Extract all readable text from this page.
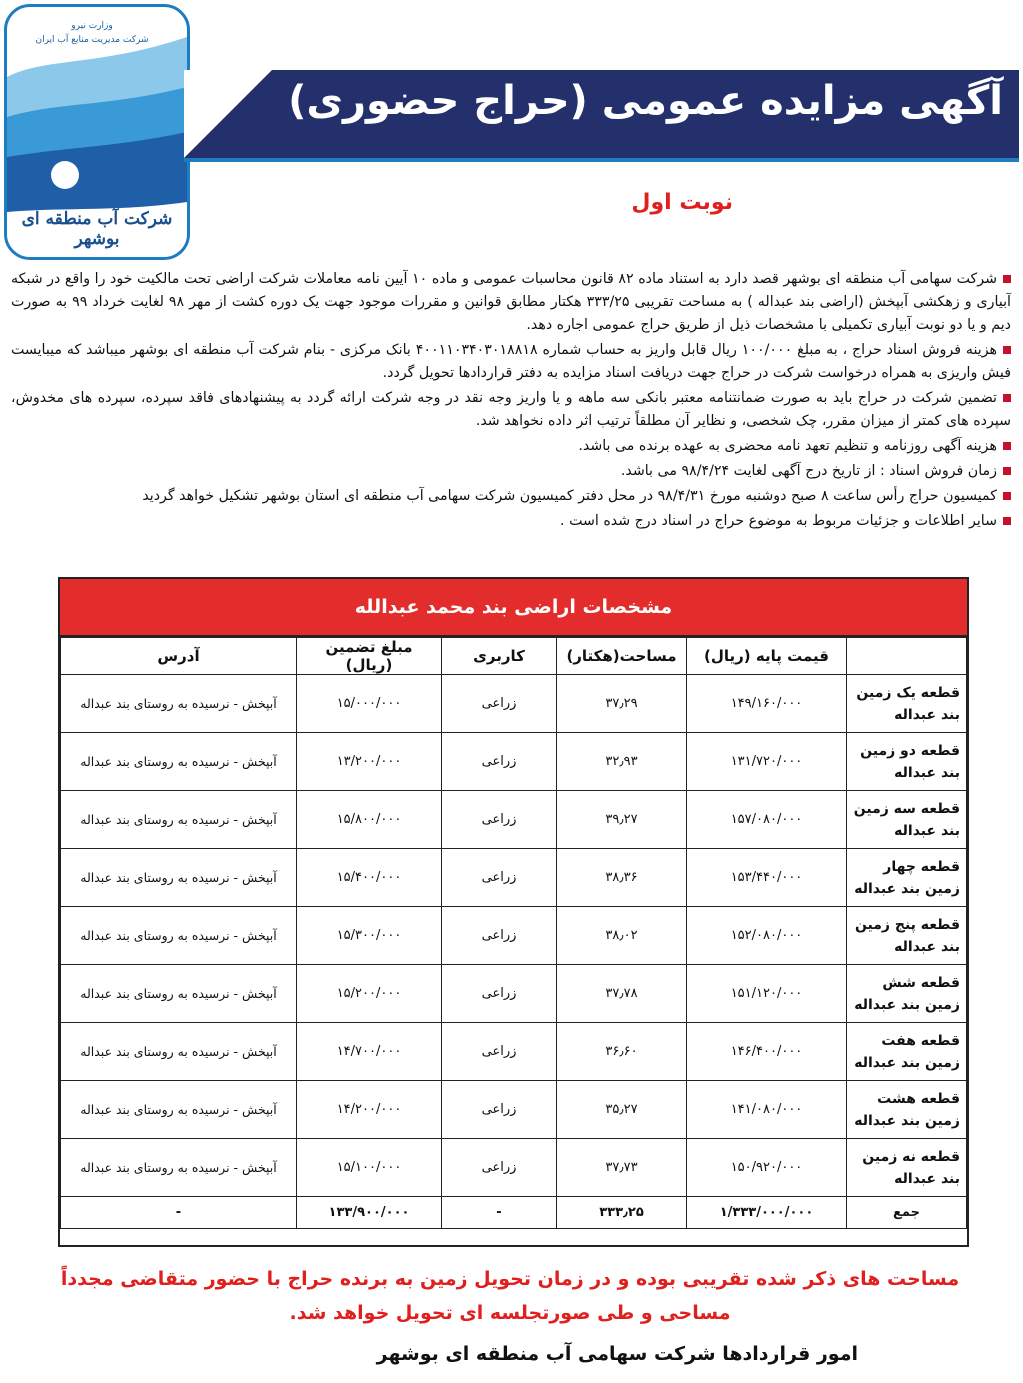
وزارت نیرو
شرکت مدیریت منابع آب ایران
شرکت آب منطقه ای بوشهر
آگهی مزایده عمومی (حراج حضوری)
نوبت اول
شرکت سهامی آب منطقه ای بوشهر قصد دارد به استناد ماده ۸۲ قانون محاسبات عمومی و ماده ۱۰ آیین نامه معاملات شرکت اراضی تحت مالکیت خود را واقع در شبکه آبیاری و زهکشی آبپخش (اراضی بند عبداله ) به مساحت تقریبی ۳۳۳/۲۵ هکتار مطابق قوانین و مقررات موجود جهت یک دوره کشت از مهر ۹۸ لغایت خرداد ۹۹ به صورت دیم و یا دو نوبت آبیاری تکمیلی با مشخصات ذیل از طریق حراج عمومی اجاره دهد.
هزینه فروش اسناد حراج ، به مبلغ ۱۰۰/۰۰۰ ریال قابل واریز به حساب شماره ۴۰۰۱۱۰۳۴۰۳۰۱۸۸۱۸ بانک مرکزی - بنام شرکت آب منطقه ای بوشهر میباشد که میبایست فیش واریزی به همراه درخواست شرکت در حراج جهت دریافت اسناد مزایده به دفتر قراردادها تحویل گردد.
تضمین شرکت در حراج باید به صورت ضمانتنامه معتبر بانکی سه ماهه و یا واریز وجه نقد در وجه شرکت ارائه گردد به پیشنهادهای فاقد سپرده، سپرده های مخدوش، سپرده های کمتر از میزان مقرر، چک شخصی، و نظایر آن مطلقاً ترتیب اثر داده نخواهد شد.
هزینه آگهی روزنامه و تنظیم تعهد نامه محضری به عهده برنده می باشد.
زمان فروش اسناد : از تاریخ درج آگهی لغایت ۹۸/۴/۲۴ می باشد.
کمیسیون حراج رأس ساعت ۸ صبح دوشنبه مورخ ۹۸/۴/۳۱ در محل دفتر کمیسیون شرکت سهامی آب منطقه ای استان بوشهر تشکیل خواهد گردید
سایر اطلاعات و جزئیات مربوط به موضوع حراج در اسناد درج شده است .
مشخصات اراضی بند محمد عبدالله
	قیمت پایه (ریال)	مساحت(هکتار)	کاربری	مبلغ تضمین (ریال)	آدرس
قطعه یک زمین بند عبداله	۱۴۹/۱۶۰/۰۰۰	۳۷٫۲۹	زراعی	۱۵/۰۰۰/۰۰۰	آبپخش - نرسیده به روستای بند عبداله
قطعه دو زمین بند عبداله	۱۳۱/۷۲۰/۰۰۰	۳۲٫۹۳	زراعی	۱۳/۲۰۰/۰۰۰	آبپخش - نرسیده به روستای بند عبداله
قطعه سه زمین بند عبداله	۱۵۷/۰۸۰/۰۰۰	۳۹٫۲۷	زراعی	۱۵/۸۰۰/۰۰۰	آبپخش - نرسیده به روستای بند عبداله
قطعه چهار زمین بند عبداله	۱۵۳/۴۴۰/۰۰۰	۳۸٫۳۶	زراعی	۱۵/۴۰۰/۰۰۰	آبپخش - نرسیده به روستای بند عبداله
قطعه پنج زمین بند عبداله	۱۵۲/۰۸۰/۰۰۰	۳۸٫۰۲	زراعی	۱۵/۳۰۰/۰۰۰	آبپخش - نرسیده به روستای بند عبداله
قطعه شش زمین بند عبداله	۱۵۱/۱۲۰/۰۰۰	۳۷٫۷۸	زراعی	۱۵/۲۰۰/۰۰۰	آبپخش - نرسیده به روستای بند عبداله
قطعه هفت زمین بند عبداله	۱۴۶/۴۰۰/۰۰۰	۳۶٫۶۰	زراعی	۱۴/۷۰۰/۰۰۰	آبپخش - نرسیده به روستای بند عبداله
قطعه هشت زمین بند عبداله	۱۴۱/۰۸۰/۰۰۰	۳۵٫۲۷	زراعی	۱۴/۲۰۰/۰۰۰	آبپخش - نرسیده به روستای بند عبداله
قطعه نه زمین بند عبداله	۱۵۰/۹۲۰/۰۰۰	۳۷٫۷۳	زراعی	۱۵/۱۰۰/۰۰۰	آبپخش - نرسیده به روستای بند عبداله
جمع	۱/۳۳۳/۰۰۰/۰۰۰	۳۳۳٫۲۵	-	۱۳۳/۹۰۰/۰۰۰	-
مساحت های ذکر شده تقریبی بوده و در زمان تحویل زمین به برنده حراج با حضور متقاضی مجدداً مساحی و طی صورتجلسه ای تحویل خواهد شد.
امور قراردادها شرکت سهامی آب منطقه ای بوشهر
